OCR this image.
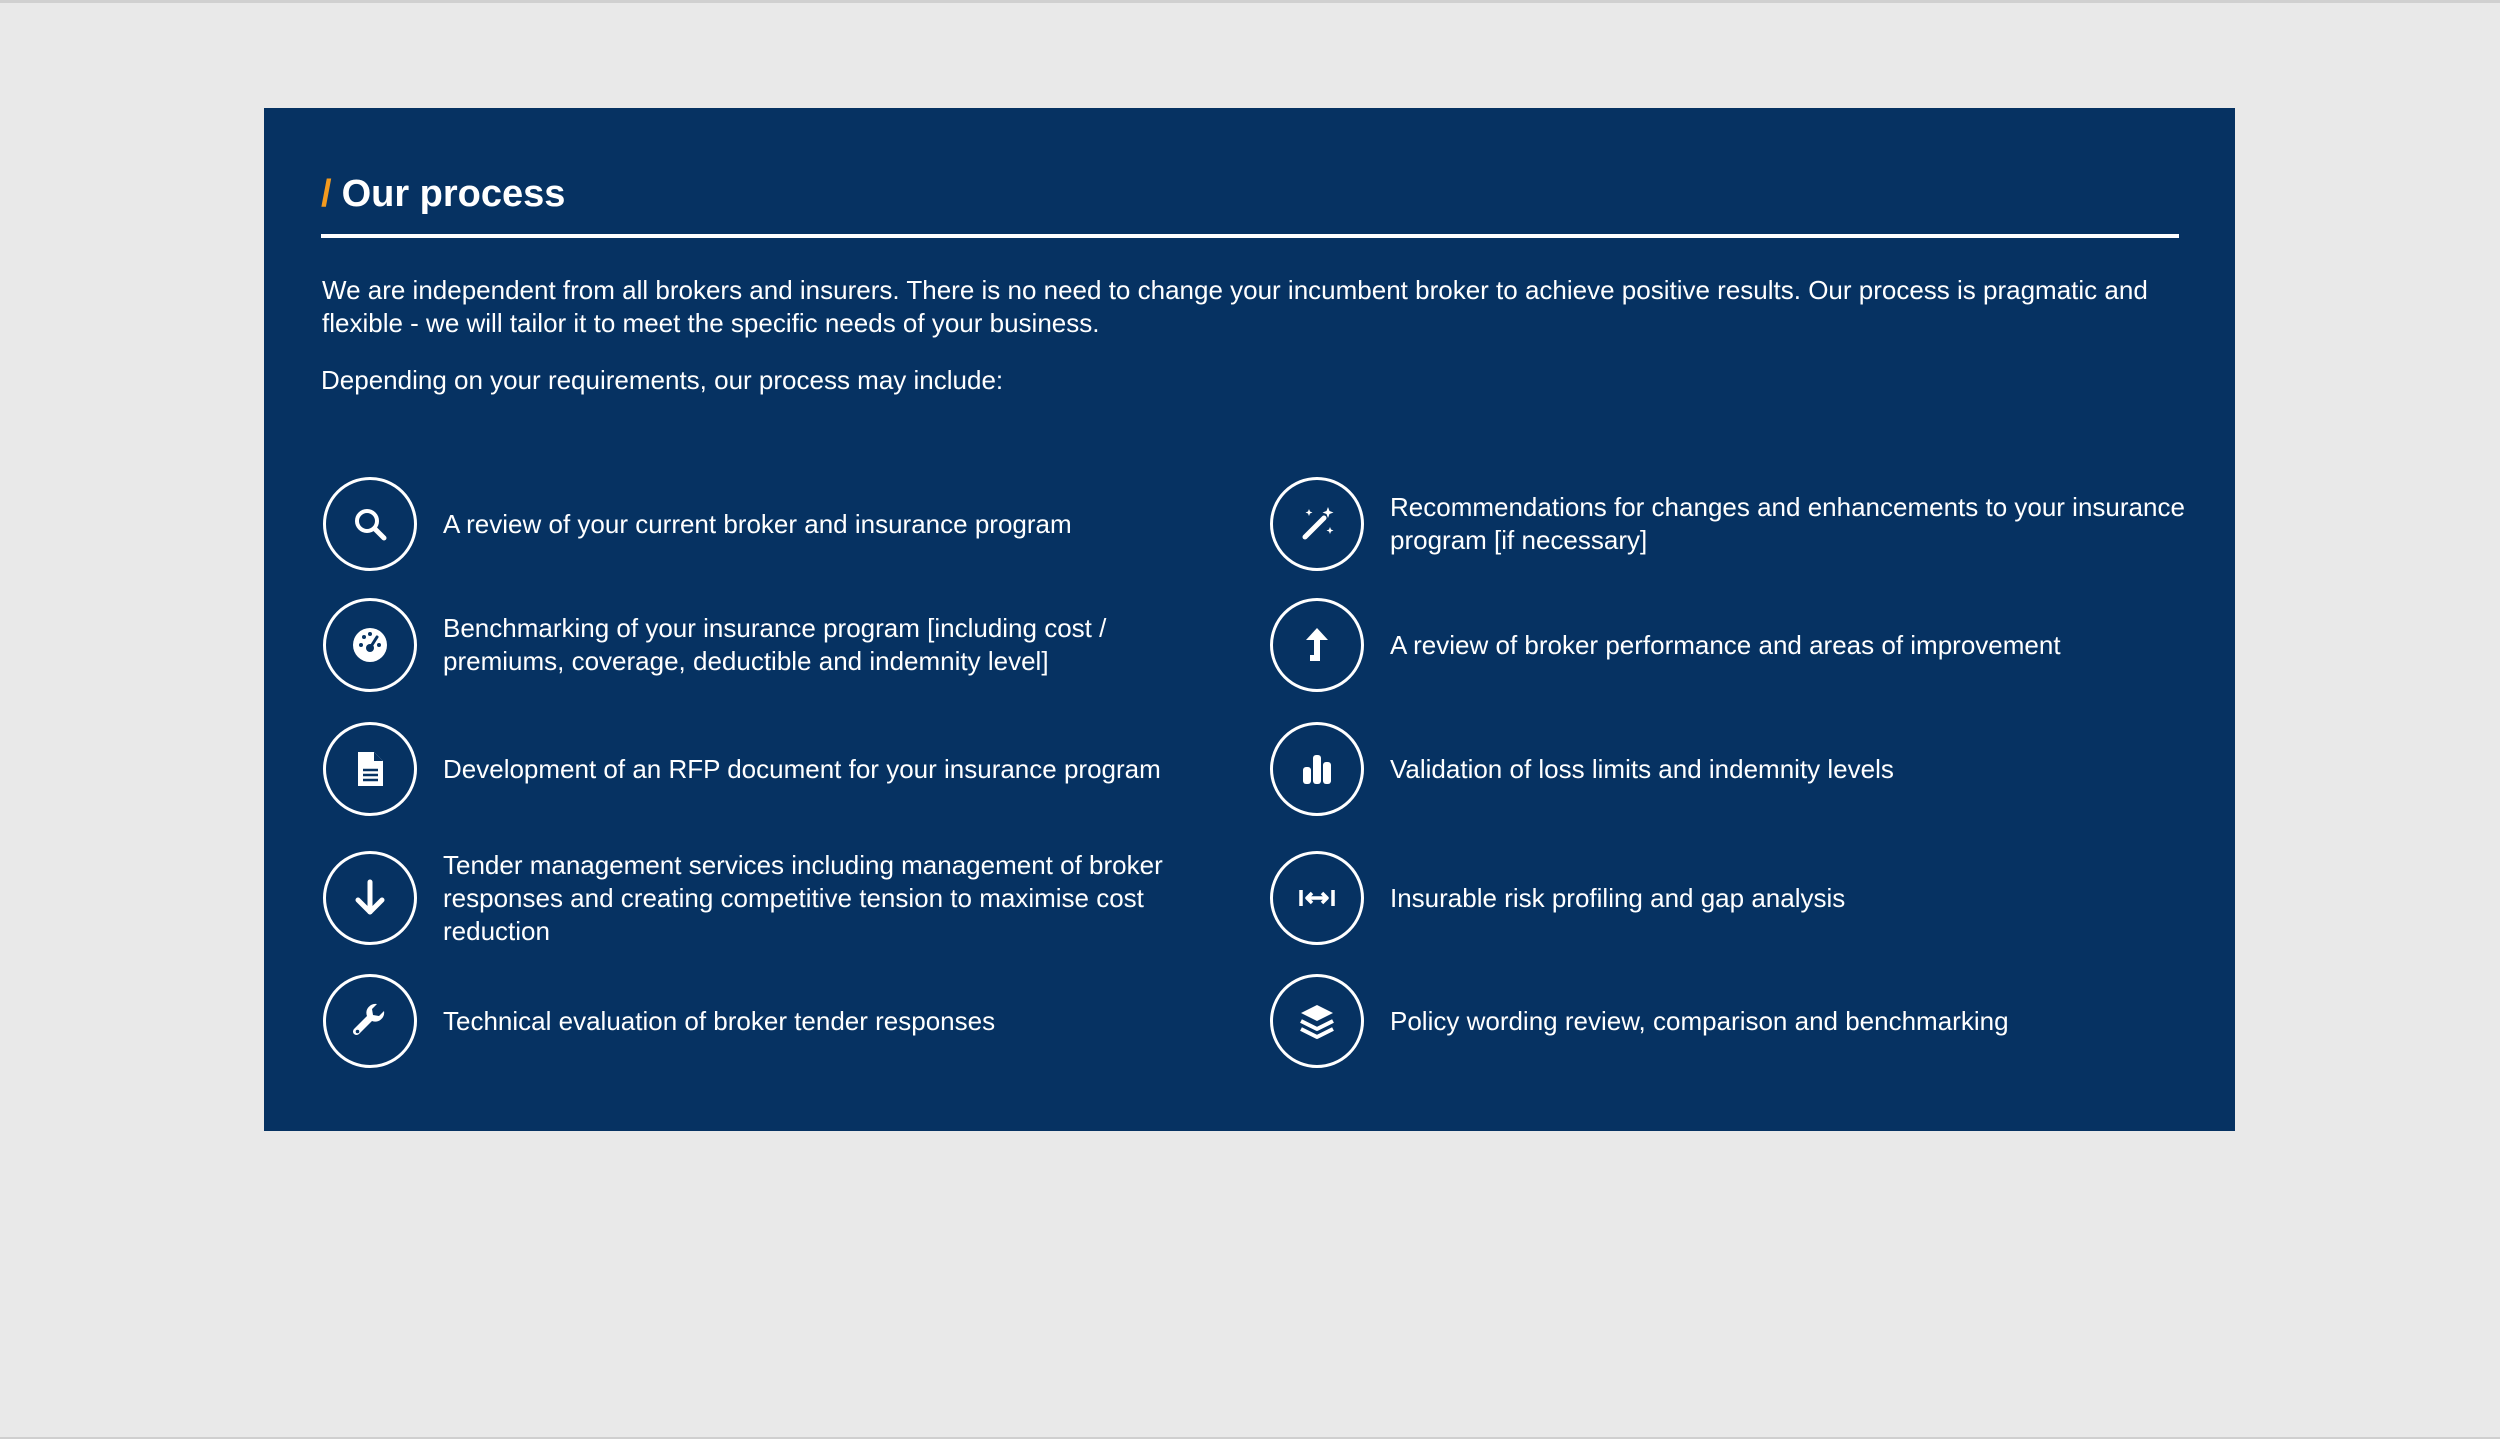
/ Our process
We are independent from all brokers and insurers. There is no need to change your incumbent broker to achieve positive results. Our process is pragmatic and flexible - we will tailor it to meet the specific needs of your business.
Depending on your requirements, our process may include:
A review of your current broker and insurance program
Benchmarking of your insurance program [including cost / premiums, coverage, deductible and indemnity level]
Development of an RFP document for your insurance program
Tender management services including management of broker responses and creating competitive tension to maximise cost reduction
Technical evaluation of broker tender responses
Recommendations for changes and enhancements to your insurance program [if necessary]
A review of broker performance and areas of improvement
Validation of loss limits and indemnity levels
Insurable risk profiling and gap analysis
Policy wording review, comparison and benchmarking
